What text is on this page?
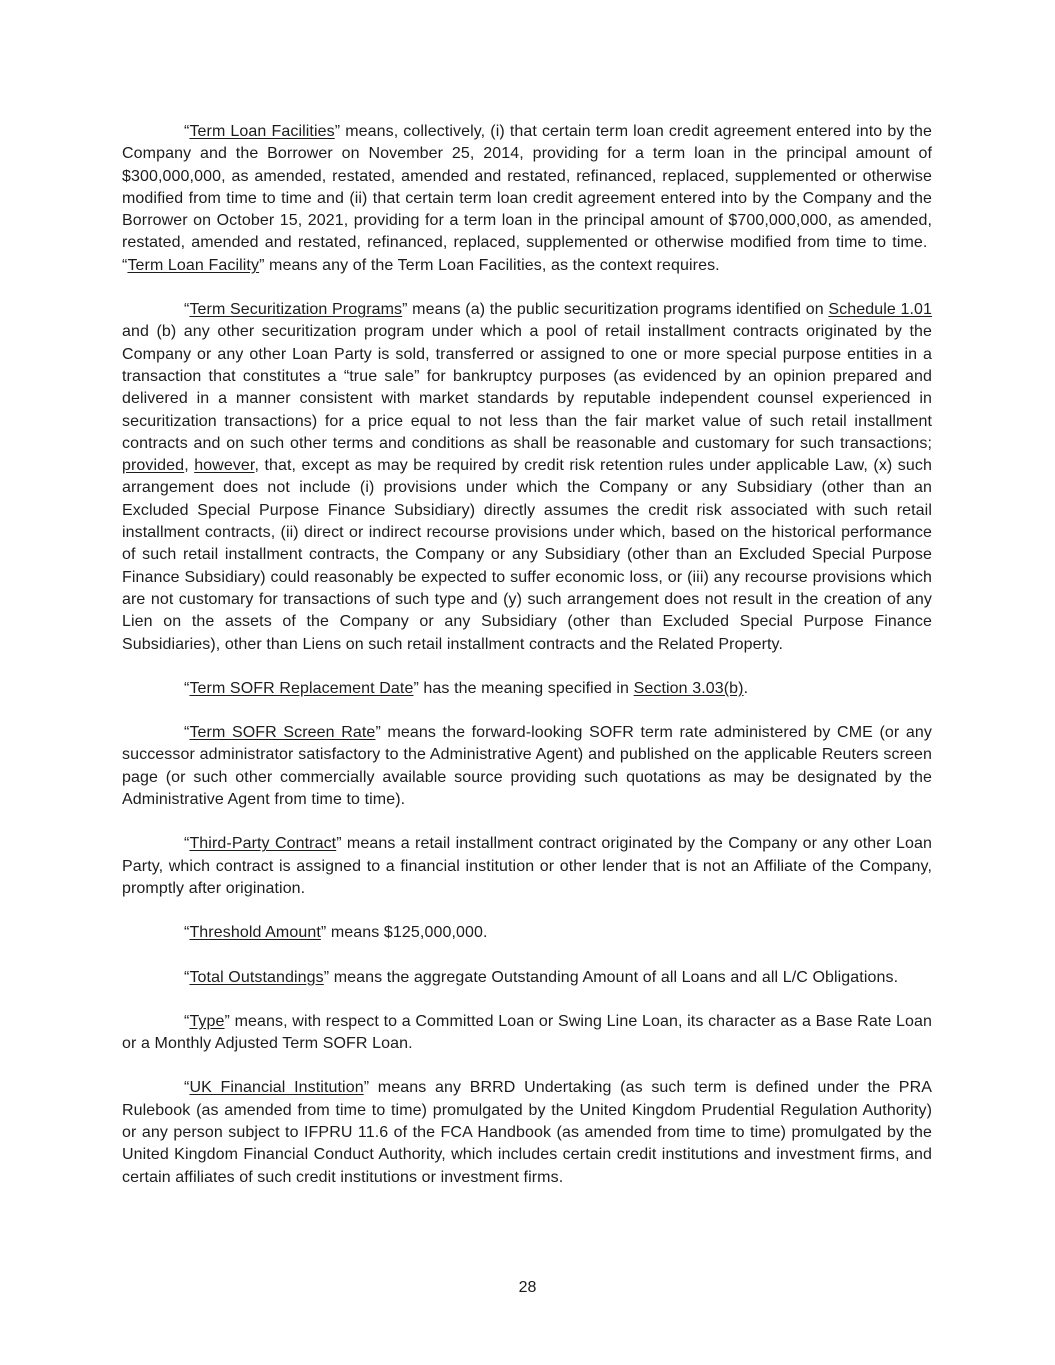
“Term Loan Facilities” means, collectively, (i) that certain term loan credit agreement entered into by the Company and the Borrower on November 25, 2014, providing for a term loan in the principal amount of $300,000,000, as amended, restated, amended and restated, refinanced, replaced, supplemented or otherwise modified from time to time and (ii) that certain term loan credit agreement entered into by the Company and the Borrower on October 15, 2021, providing for a term loan in the principal amount of $700,000,000, as amended, restated, amended and restated, refinanced, replaced, supplemented or otherwise modified from time to time.  “Term Loan Facility” means any of the Term Loan Facilities, as the context requires.

“Term Securitization Programs” means (a) the public securitization programs identified on Schedule 1.01 and (b) any other securitization program under which a pool of retail installment contracts originated by the Company or any other Loan Party is sold, transferred or assigned to one or more special purpose entities in a transaction that constitutes a “true sale” for bankruptcy purposes (as evidenced by an opinion prepared and delivered in a manner consistent with market standards by reputable independent counsel experienced in securitization transactions) for a price equal to not less than the fair market value of such retail installment contracts and on such other terms and conditions as shall be reasonable and customary for such transactions; provided, however, that, except as may be required by credit risk retention rules under applicable Law, (x) such arrangement does not include (i) provisions under which the Company or any Subsidiary (other than an Excluded Special Purpose Finance Subsidiary) directly assumes the credit risk associated with such retail installment contracts, (ii) direct or indirect recourse provisions under which, based on the historical performance of such retail installment contracts, the Company or any Subsidiary (other than an Excluded Special Purpose Finance Subsidiary) could reasonably be expected to suffer economic loss, or (iii) any recourse provisions which are not customary for transactions of such type and (y) such arrangement does not result in the creation of any Lien on the assets of the Company or any Subsidiary (other than Excluded Special Purpose Finance Subsidiaries), other than Liens on such retail installment contracts and the Related Property.

“Term SOFR Replacement Date” has the meaning specified in Section 3.03(b).

“Term SOFR Screen Rate” means the forward-looking SOFR term rate administered by CME (or any successor administrator satisfactory to the Administrative Agent) and published on the applicable Reuters screen page (or such other commercially available source providing such quotations as may be designated by the Administrative Agent from time to time).

“Third-Party Contract” means a retail installment contract originated by the Company or any other Loan Party, which contract is assigned to a financial institution or other lender that is not an Affiliate of the Company, promptly after origination.

“Threshold Amount” means $125,000,000.

“Total Outstandings” means the aggregate Outstanding Amount of all Loans and all L/C Obligations.

“Type” means, with respect to a Committed Loan or Swing Line Loan, its character as a Base Rate Loan or a Monthly Adjusted Term SOFR Loan.

“UK Financial Institution” means any BRRD Undertaking (as such term is defined under the PRA Rulebook (as amended from time to time) promulgated by the United Kingdom Prudential Regulation Authority) or any person subject to IFPRU 11.6 of the FCA Handbook (as amended from time to time) promulgated by the United Kingdom Financial Conduct Authority, which includes certain credit institutions and investment firms, and certain affiliates of such credit institutions or investment firms.

28
